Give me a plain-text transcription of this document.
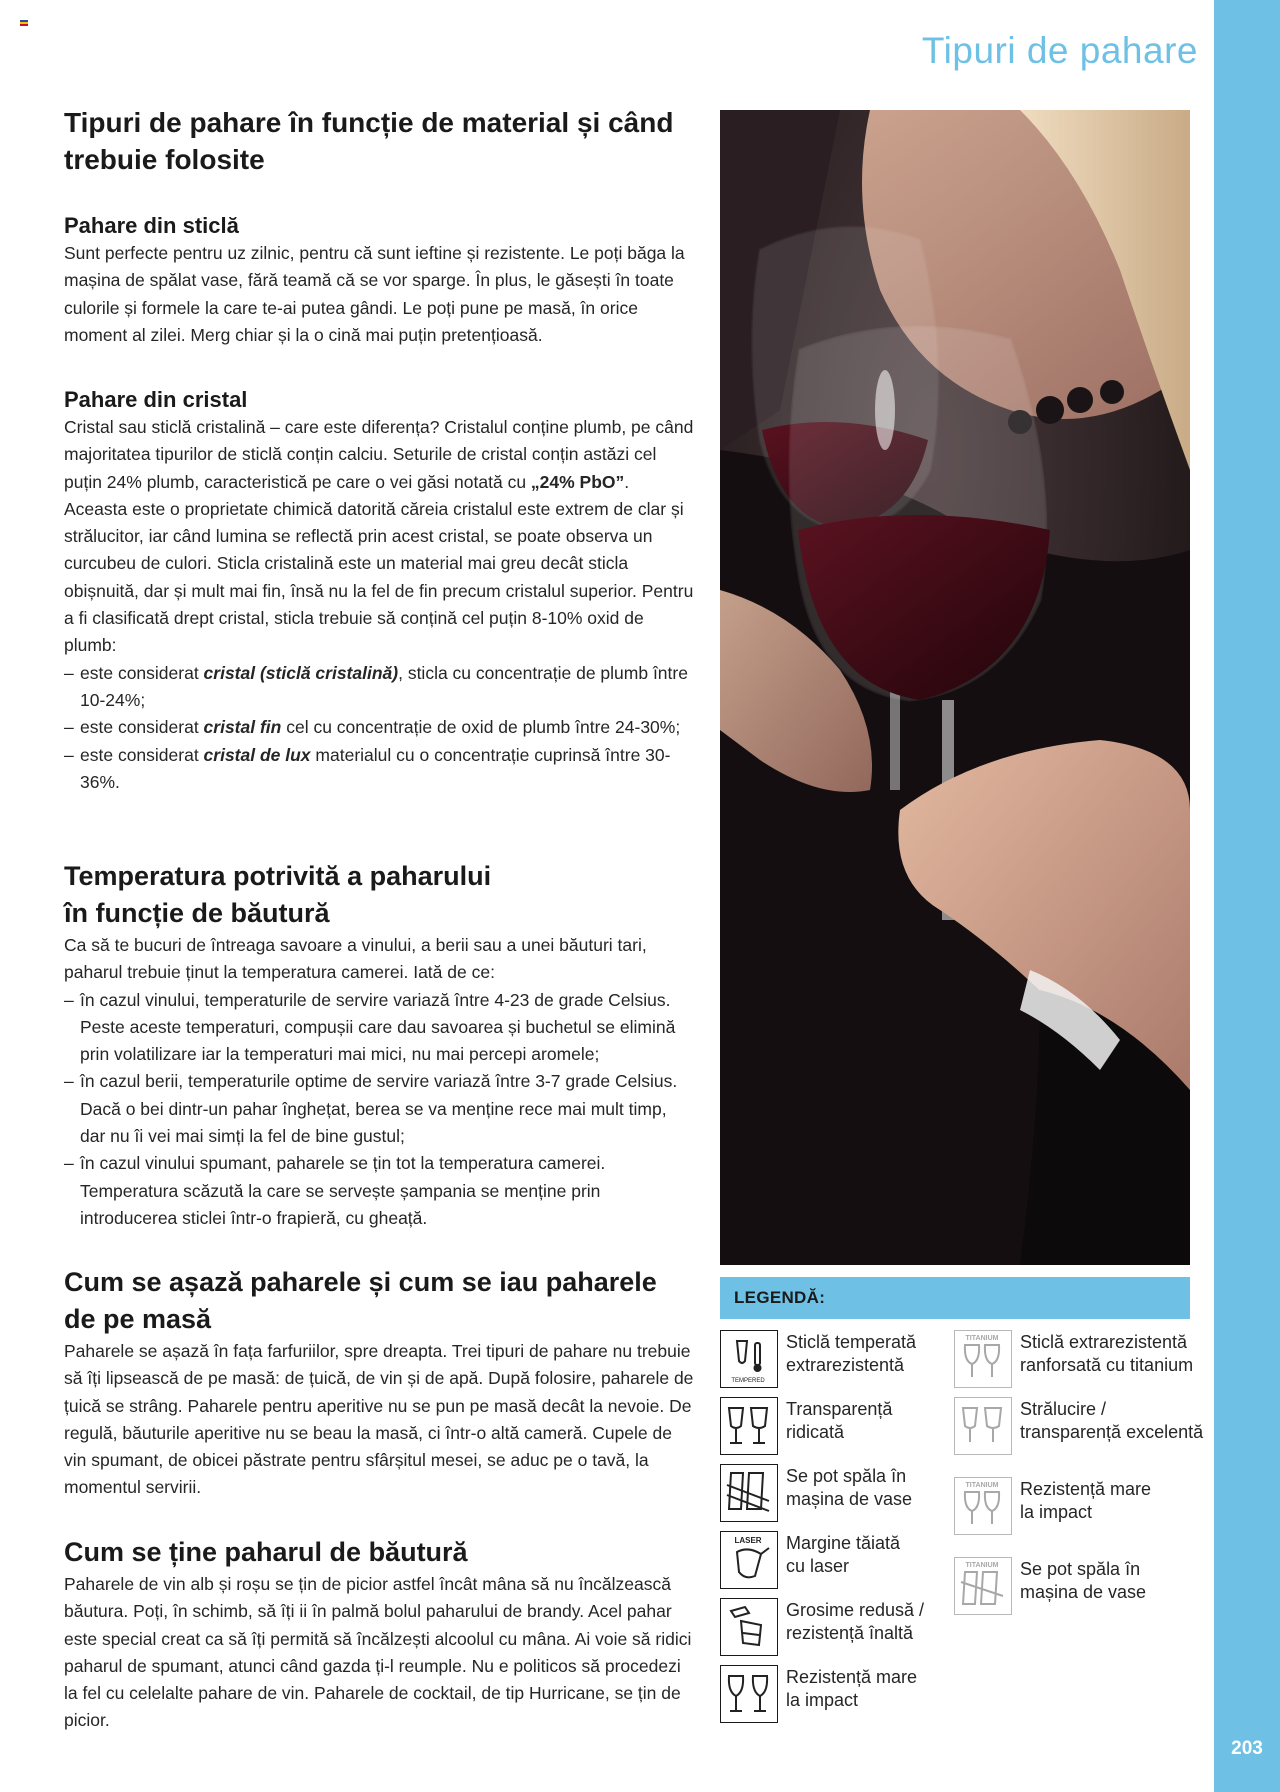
Tipuri de pahare
203
Tipuri de pahare în funcție de material și când trebuie folosite
Pahare din sticlă

Sunt perfecte pentru uz zilnic, pentru că sunt ieftine și rezistente. Le poți băga la mașina de spălat vase, fără teamă că se vor sparge. În plus, le găsești în toate culorile și formele la care te-ai putea gândi. Le poți pune pe masă, în orice moment al zilei. Merg chiar și la o cină mai puțin pretențioasă.

Pahare din cristal

Cristal sau sticlă cristalină – care este diferența? Cristalul conține plumb, pe când majoritatea tipurilor de sticlă conțin calciu. Seturile de cristal conțin astăzi cel puțin 24% plumb, caracteristică pe care o vei găsi notată cu „24% PbO”. Aceasta este o proprietate chimică datorită căreia cristalul este extrem de clar și strălucitor, iar când lumina se reflectă prin acest cristal, se poate observa un curcubeu de culori. Sticla cristalină este un material mai greu decât sticla obișnuită, dar și mult mai fin, însă nu la fel de fin precum cristalul superior. Pentru a fi clasificată drept cristal, sticla trebuie să conțină cel puțin 8-10% oxid de plumb:

– este considerat cristal (sticlă cristalină), sticla cu concentrație de plumb între 10-24%;
– este considerat cristal fin cel cu concentrație de oxid de plumb între 24-30%;
– este considerat cristal de lux materialul cu o concentrație cuprinsă între 30-36%.
Temperatura potrivită a paharului
în funcție de băutură

Ca să te bucuri de întreaga savoare a vinului, a berii sau a unei băuturi tari, paharul trebuie ținut la temperatura camerei. Iată de ce:

– în cazul vinului, temperaturile de servire variază între 4-23 de grade Celsius. Peste aceste temperaturi, compușii care dau savoarea și buchetul se elimină prin volatilizare iar la temperaturi mai mici, nu mai percepi aromele;
– în cazul berii, temperaturile optime de servire variază între 3-7 grade Celsius. Dacă o bei dintr-un pahar înghețat, berea se va menține rece mai mult timp, dar nu îi vei mai simți la fel de bine gustul;
– în cazul vinului spumant, paharele se țin tot la temperatura camerei. Temperatura scăzută la care se servește șampania se menține prin introducerea sticlei într-o frapieră, cu gheață.
Cum se așază paharele și cum se iau paharele
de pe masă

Paharele se așază în fața farfuriilor, spre dreapta. Trei tipuri de pahare nu trebuie să îți lipsească de pe masă: de țuică, de vin și de apă. După folosire, paharele de țuică se strâng. Paharele pentru aperitive nu se pun pe masă decât la nevoie. De regulă, băuturile aperitive nu se beau la masă, ci într-o altă cameră. Cupele de vin spumant, de obicei păstrate pentru sfârșitul mesei, se aduc pe o tavă, la momentul servirii.

Cum se ține paharul de băutură

Paharele de vin alb și roșu se țin de picior astfel încât mâna să nu încălzească băutura. Poți, în schimb, să îți ii în palmă bolul paharului de brandy. Acel pahar este special creat ca să îți permită să încălzești alcoolul cu mâna. Ai voie să ridici paharul de spumant, atunci când gazda ți-l reumple. Nu e politicos să procedezi la fel cu celelalte pahare de vin. Paharele de cocktail, de tip Hurricane, se țin de picior.

LEGENDĂ:
TEMPERED
Sticlă temperată
extrarezistentă
Transparență
ridicată
Se pot spăla în
mașina de vase
LASER Margine tăiată
cu laser
Grosime redusă /
rezistență înaltă
Rezistență mare
la impact
TITANIUM Sticlă extrarezistentă
ranforsată cu titanium
Strălucire /
transparență excelentă
TITANIUM Rezistență mare
la impact
TITANIUM Se pot spăla în
mașina de vase
